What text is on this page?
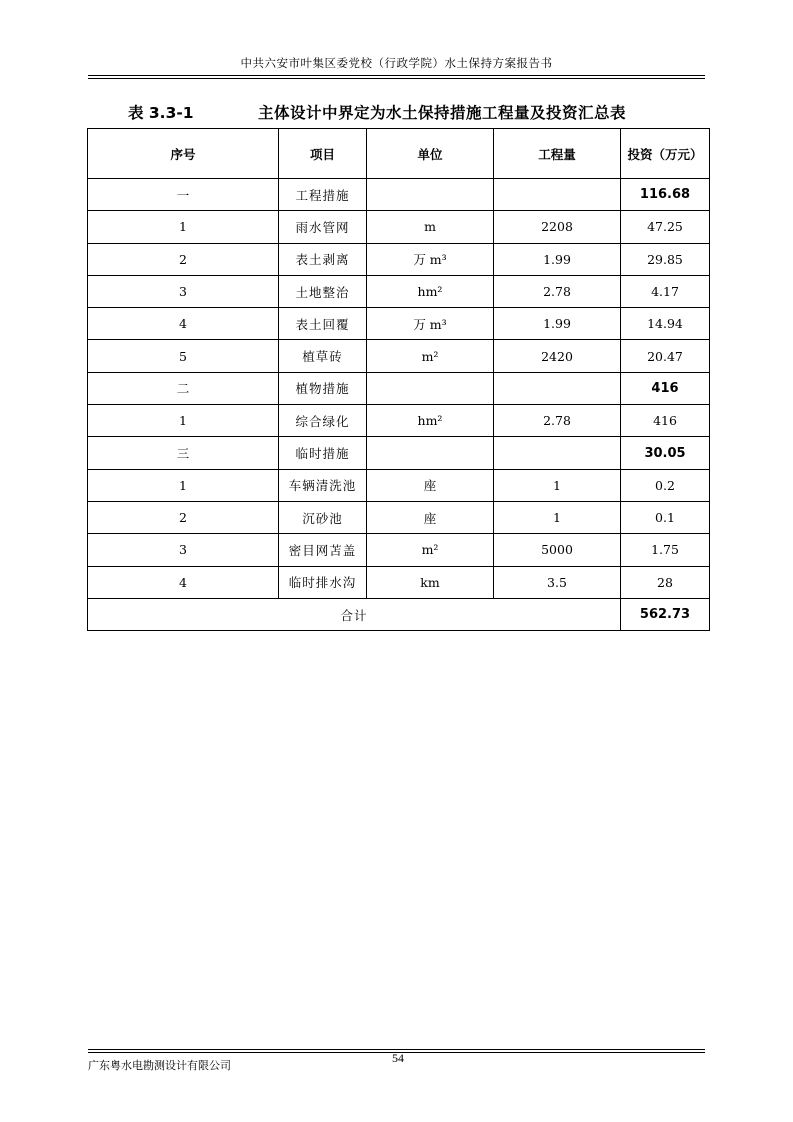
中共六安市叶集区委党校（行政学院）水土保持方案报告书
表 3.3-1	主体设计中界定为水土保持措施工程量及投资汇总表
序号	项目	单位	工程量	投资（万元）
一	工程措施			116.68
1	雨水管网	m	2208	47.25
2	表土剥离	万 m³	1.99	29.85
3	土地整治	hm²	2.78	4.17
4	表土回覆	万 m³	1.99	14.94
5	植草砖	m²	2420	20.47
二	植物措施			416
1	综合绿化	hm²	2.78	416
三	临时措施			30.05
1	车辆清洗池	座	1	0.2
2	沉砂池	座	1	0.1
3	密目网苫盖	m²	5000	1.75
4	临时排水沟	km	3.5	28
合计				562.73
广东粤水电勘测设计有限公司
54
